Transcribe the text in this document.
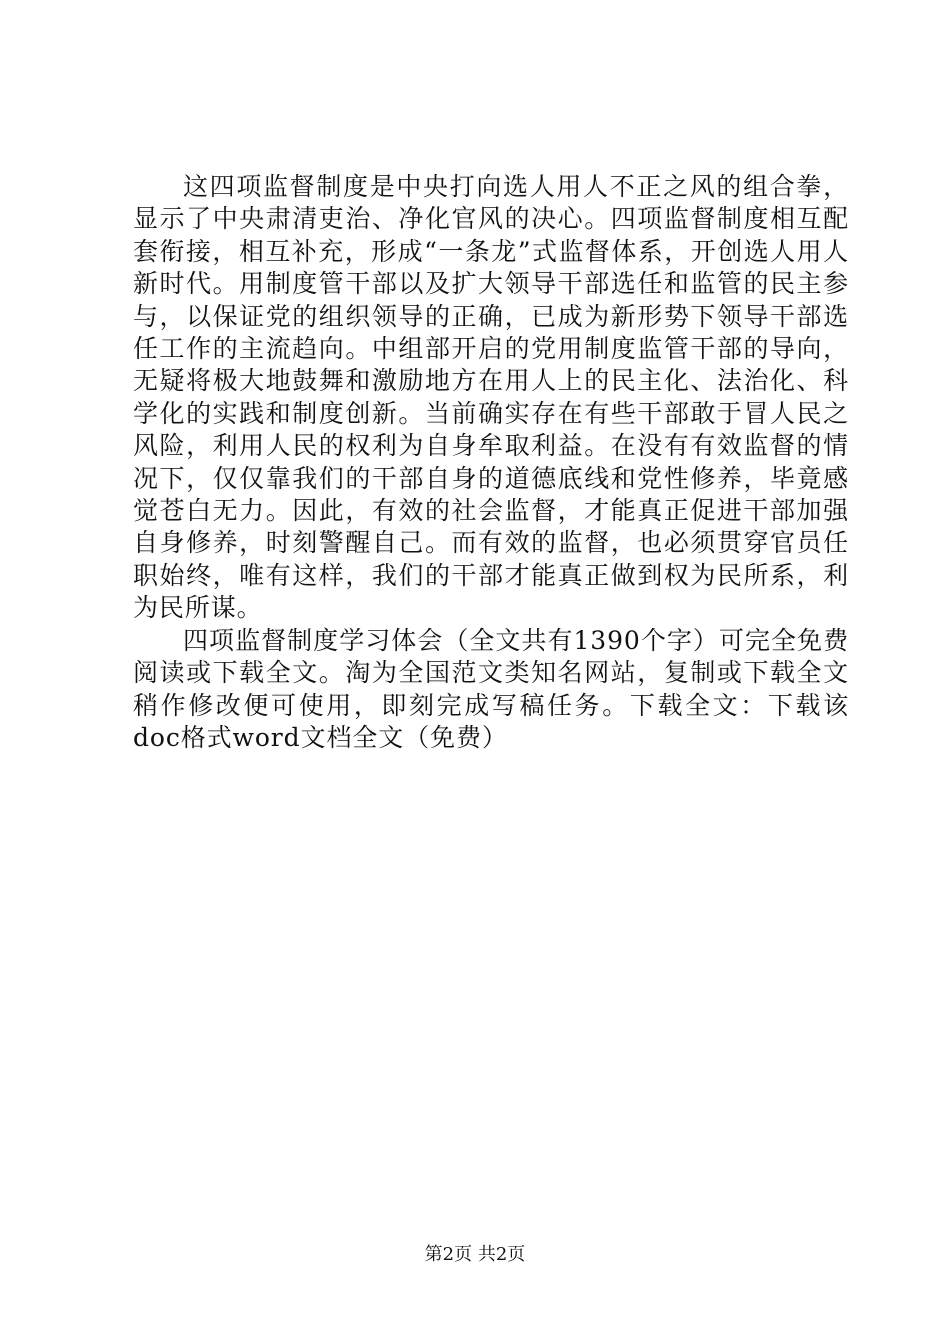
这四项监督制度是中央打向选人用人不正之风的组合拳，显示了中央肃清吏治、净化官风的决心。四项监督制度相互配套衔接，相互补充，形成“一条龙”式监督体系，开创选人用人新时代。用制度管干部以及扩大领导干部选任和监管的民主参与，以保证党的组织领导的正确，已成为新形势下领导干部选任工作的主流趋向。中组部开启的党用制度监管干部的导向，无疑将极大地鼓舞和激励地方在用人上的民主化、法治化、科学化的实践和制度创新。当前确实存在有些干部敢于冒人民之风险，利用人民的权利为自身牟取利益。在没有有效监督的情况下，仅仅靠我们的干部自身的道德底线和党性修养，毕竟感觉苍白无力。因此，有效的社会监督，才能真正促进干部加强自身修养，时刻警醒自己。而有效的监督，也必须贯穿官员任职始终，唯有这样，我们的干部才能真正做到权为民所系，利为民所谋。

四项监督制度学习体会（全文共有1390个字）可完全免费阅读或下载全文。淘为全国范文类知名网站，复制或下载全文稍作修改便可使用，即刻完成写稿任务。下载全文：下载该doc格式word文档全文（免费）

第2页 共2页
